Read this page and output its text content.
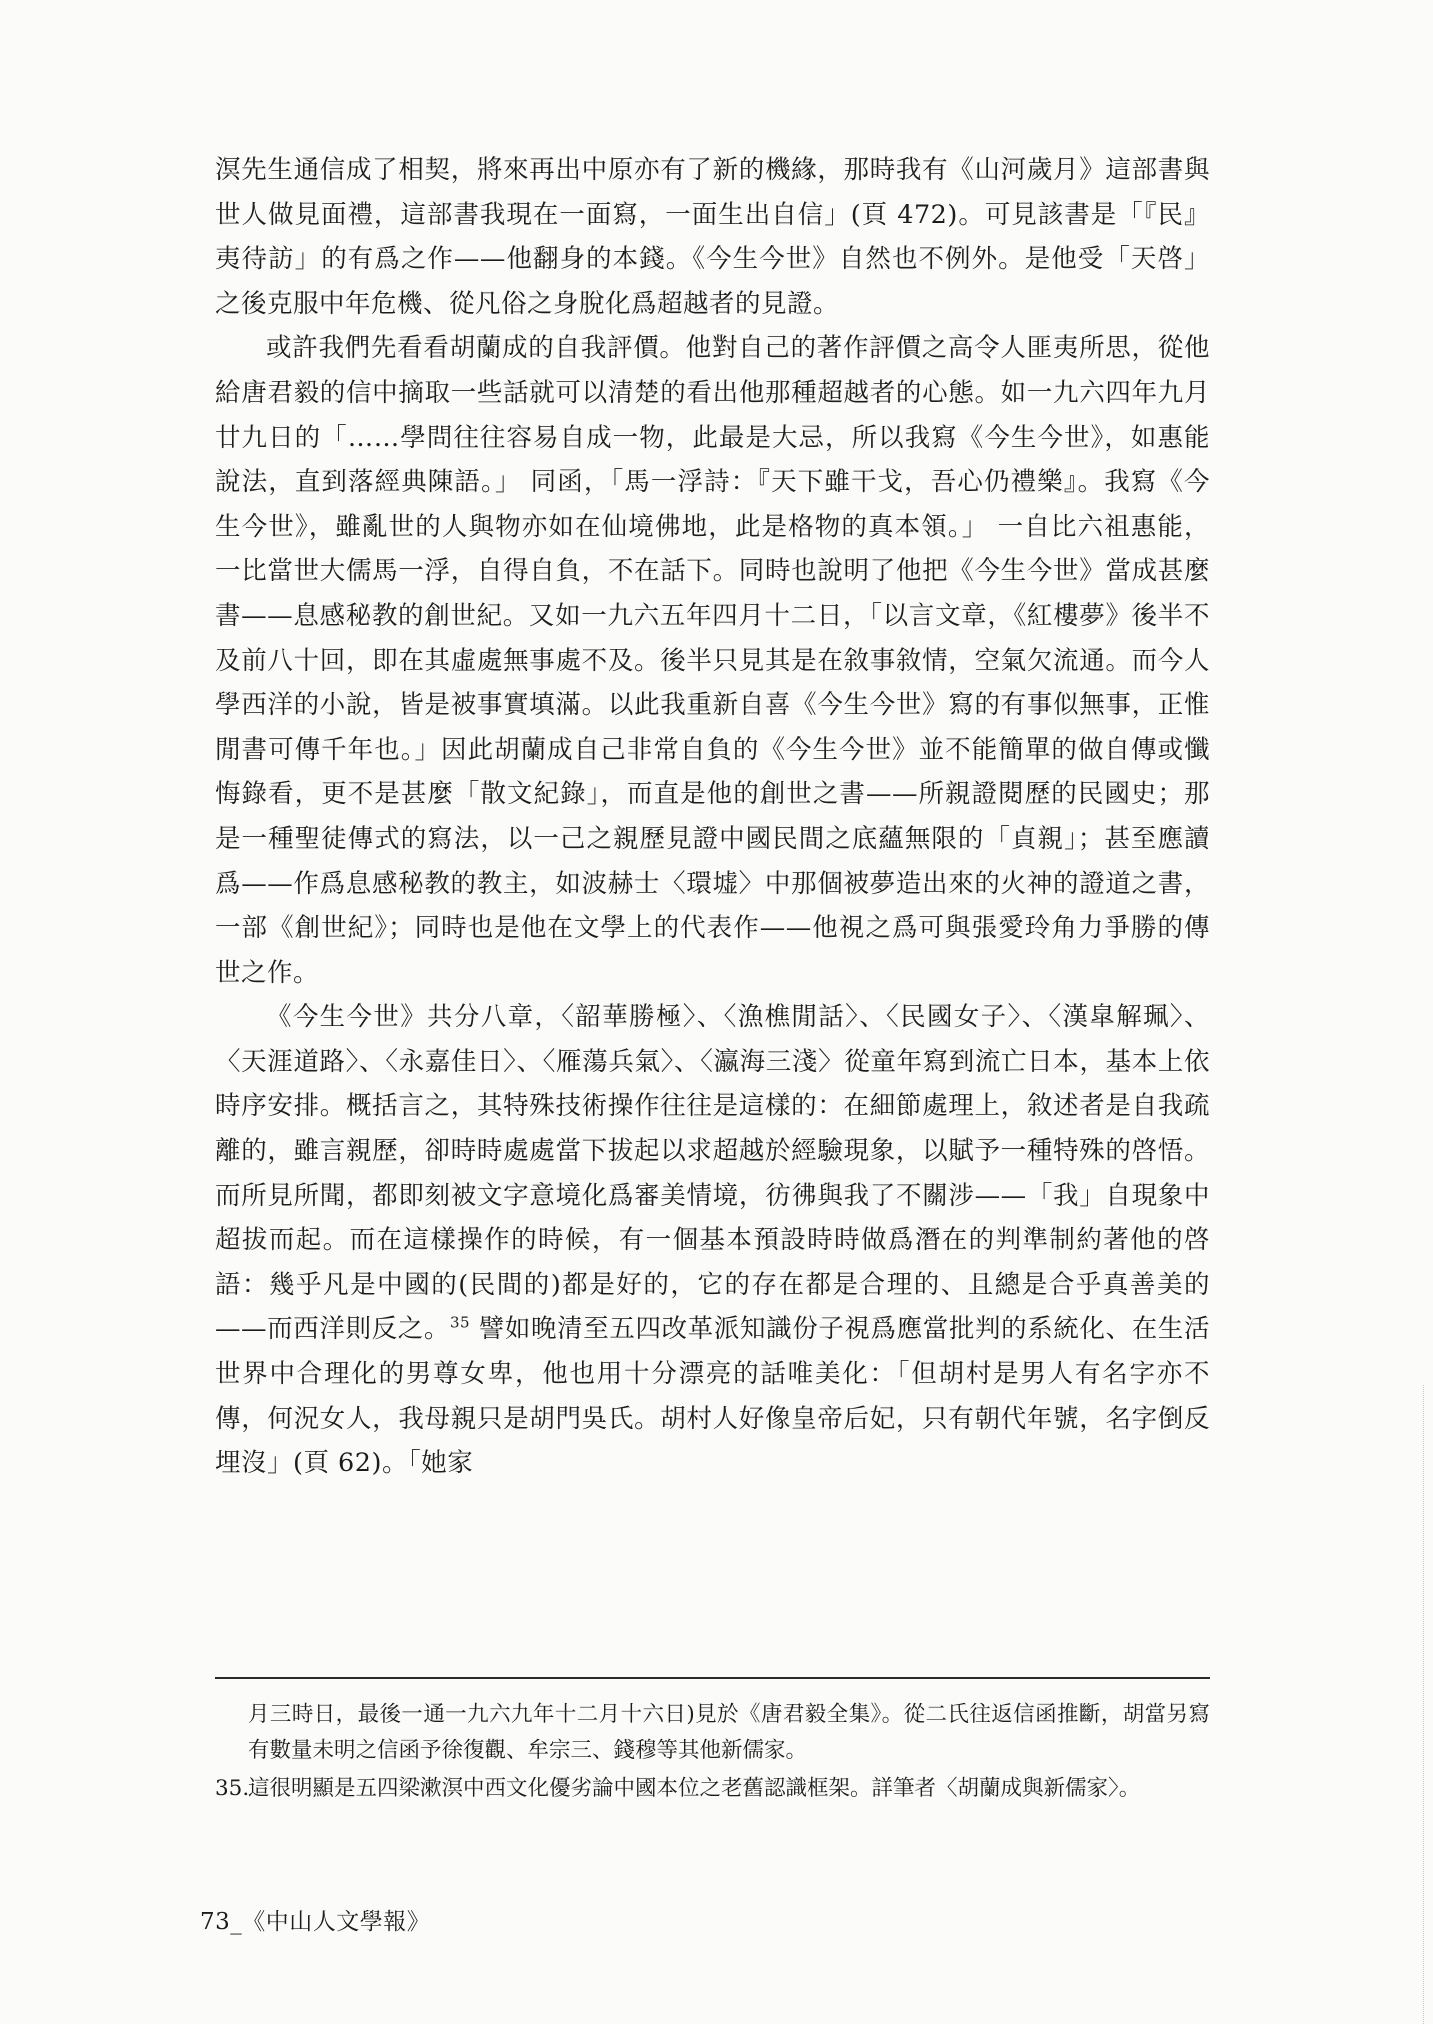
溟先生通信成了相契，將來再出中原亦有了新的機緣，那時我有《山河歲月》這部書與世人做見面禮，這部書我現在一面寫，一面生出自信」(頁 472)。可見該書是「『民』夷待訪」的有爲之作——他翻身的本錢。《今生今世》自然也不例外。是他受「天啓」之後克服中年危機、從凡俗之身脫化爲超越者的見證。

或許我們先看看胡蘭成的自我評價。他對自己的著作評價之高令人匪夷所思，從他給唐君毅的信中摘取一些話就可以清楚的看出他那種超越者的心態。如一九六四年九月廿九日的「……學問往往容易自成一物，此最是大忌，所以我寫《今生今世》，如惠能說法，直到落經典陳語。」 同函，「馬一浮詩：『天下雖干戈，吾心仍禮樂』。我寫《今生今世》，雖亂世的人與物亦如在仙境佛地，此是格物的真本領。」 一自比六祖惠能，一比當世大儒馬一浮，自得自負，不在話下。同時也說明了他把《今生今世》當成甚麼書——息感秘教的創世紀。又如一九六五年四月十二日，「以言文章，《紅樓夢》後半不及前八十回，即在其虛處無事處不及。後半只見其是在敘事敘情，空氣欠流通。而今人學西洋的小說，皆是被事實填滿。以此我重新自喜《今生今世》寫的有事似無事，正惟閒書可傳千年也。」因此胡蘭成自己非常自負的《今生今世》並不能簡單的做自傳或懺悔錄看，更不是甚麼「散文紀錄」，而直是他的創世之書——所親證閱歷的民國史；那是一種聖徒傳式的寫法，以一己之親歷見證中國民間之底蘊無限的「貞親」；甚至應讀爲——作爲息感秘教的教主，如波赫士〈環墟〉中那個被夢造出來的火神的證道之書，一部《創世紀》；同時也是他在文學上的代表作——他視之爲可與張愛玲角力爭勝的傳世之作。

《今生今世》共分八章，〈韶華勝極〉、〈漁樵閒話〉、〈民國女子〉、〈漢皐解珮〉、〈天涯道路〉、〈永嘉佳日〉、〈雁蕩兵氣〉、〈瀛海三淺〉從童年寫到流亡日本，基本上依時序安排。概括言之，其特殊技術操作往往是這樣的：在細節處理上，敘述者是自我疏離的，雖言親歷，卻時時處處當下拔起以求超越於經驗現象，以賦予一種特殊的啓悟。而所見所聞，都即刻被文字意境化爲審美情境，彷彿與我了不關涉——「我」自現象中超拔而起。而在這樣操作的時候，有一個基本預設時時做爲潛在的判準制約著他的啓語：幾乎凡是中國的(民間的)都是好的，它的存在都是合理的、且總是合乎真善美的——而西洋則反之。$^{35}$ 譬如晚清至五四改革派知識份子視爲應當批判的系統化、在生活世界中合理化的男尊女卑，他也用十分漂亮的話唯美化：「但胡村是男人有名字亦不傳，何況女人，我母親只是胡門吳氏。胡村人好像皇帝后妃，只有朝代年號，名字倒反埋沒」(頁 62)。「她家

月三時日，最後一通一九六九年十二月十六日)見於《唐君毅全集》。從二氏往返信函推斷，胡當另寫有數量未明之信函予徐復觀、牟宗三、錢穆等其他新儒家。

35.這很明顯是五四梁漱溟中西文化優劣論中國本位之老舊認識框架。詳筆者〈胡蘭成與新儒家〉。

73_《中山人文學報》
